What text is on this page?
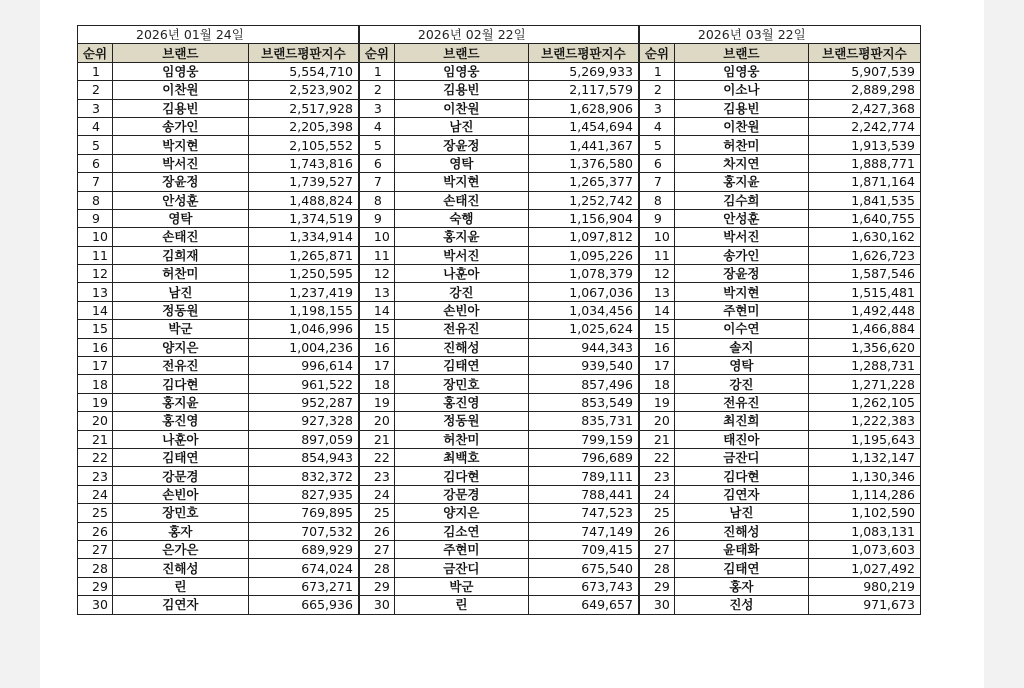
2026년 01월 24일		
순위	브랜드	브랜드평판지수
1	임영웅	5,554,710
2	이찬원	2,523,902
3	김용빈	2,517,928
4	송가인	2,205,398
5	박지현	2,105,552
6	박서진	1,743,816
7	장윤정	1,739,527
8	안성훈	1,488,824
9	영탁	1,374,519
10	손태진	1,334,914
11	김희재	1,265,871
12	허찬미	1,250,595
13	남진	1,237,419
14	정동원	1,198,155
15	박군	1,046,996
16	양지은	1,004,236
17	전유진	996,614
18	김다현	961,522
19	홍지윤	952,287
20	홍진영	927,328
21	나훈아	897,059
22	김태연	854,943
23	강문경	832,372
24	손빈아	827,935
25	장민호	769,895
26	홍자	707,532
27	은가은	689,929
28	진해성	674,024
29	린	673,271
30	김연자	665,936
2026년 02월 22일		
순위	브랜드	브랜드평판지수
1	임영웅	5,269,933
2	김용빈	2,117,579
3	이찬원	1,628,906
4	남진	1,454,694
5	장윤정	1,441,367
6	영탁	1,376,580
7	박지현	1,265,377
8	손태진	1,252,742
9	숙행	1,156,904
10	홍지윤	1,097,812
11	박서진	1,095,226
12	나훈아	1,078,379
13	강진	1,067,036
14	손빈아	1,034,456
15	전유진	1,025,624
16	진해성	944,343
17	김태연	939,540
18	장민호	857,496
19	홍진영	853,549
20	정동원	835,731
21	허찬미	799,159
22	최백호	796,689
23	김다현	789,111
24	강문경	788,441
25	양지은	747,523
26	김소연	747,149
27	주현미	709,415
28	금잔디	675,540
29	박군	673,743
30	린	649,657
2026년 03월 22일		
순위	브랜드	브랜드평판지수
1	임영웅	5,907,539
2	이소나	2,889,298
3	김용빈	2,427,368
4	이찬원	2,242,774
5	허찬미	1,913,539
6	차지연	1,888,771
7	홍지윤	1,871,164
8	김수희	1,841,535
9	안성훈	1,640,755
10	박서진	1,630,162
11	송가인	1,626,723
12	장윤정	1,587,546
13	박지현	1,515,481
14	주현미	1,492,448
15	이수연	1,466,884
16	솔지	1,356,620
17	영탁	1,288,731
18	강진	1,271,228
19	전유진	1,262,105
20	최진희	1,222,383
21	태진아	1,195,643
22	금잔디	1,132,147
23	김다현	1,130,346
24	김연자	1,114,286
25	남진	1,102,590
26	진해성	1,083,131
27	윤태화	1,073,603
28	김태연	1,027,492
29	홍자	980,219
30	진성	971,673
